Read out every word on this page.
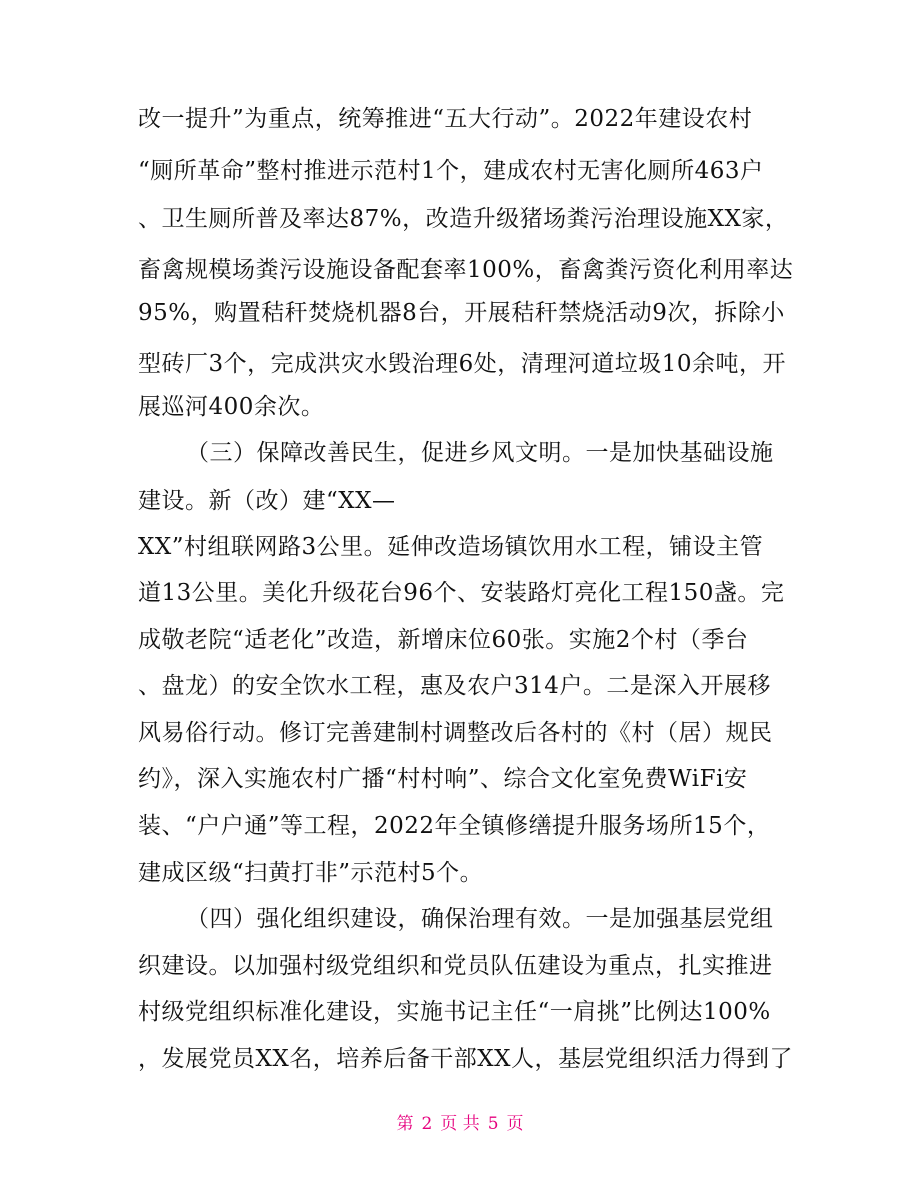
改一提升”为重点，统筹推进“五大行动”。2022年建设农村
“厕所革命”整村推进示范村1个，建成农村无害化厕所463户
、卫生厕所普及率达87%，改造升级猪场粪污治理设施XX家，
畜禽规模场粪污设施设备配套率100%，畜禽粪污资化利用率达
95%，购置秸秆焚烧机器8台，开展秸秆禁烧活动9次，拆除小
型砖厂3个，完成洪灾水毁治理6处，清理河道垃圾10余吨，开
展巡河400余次。
（三）保障改善民生，促进乡风文明。一是加快基础设施
建设。新（改）建“XX—
XX”村组联网路3公里。延伸改造场镇饮用水工程，铺设主管
道13公里。美化升级花台96个、安装路灯亮化工程150盏。完
成敬老院“适老化”改造，新增床位60张。实施2个村（季台
、盘龙）的安全饮水工程，惠及农户314户。二是深入开展移
风易俗行动。修订完善建制村调整改后各村的《村（居）规民
约》，深入实施农村广播“村村响”、综合文化室免费WiFi安
装、“户户通”等工程，2022年全镇修缮提升服务场所15个，
建成区级“扫黄打非”示范村5个。
（四）强化组织建设，确保治理有效。一是加强基层党组
织建设。以加强村级党组织和党员队伍建设为重点，扎实推进
村级党组织标准化建设，实施书记主任“一肩挑”比例达100%
，发展党员XX名，培养后备干部XX人，基层党组织活力得到了
第 2 页 共 5 页
